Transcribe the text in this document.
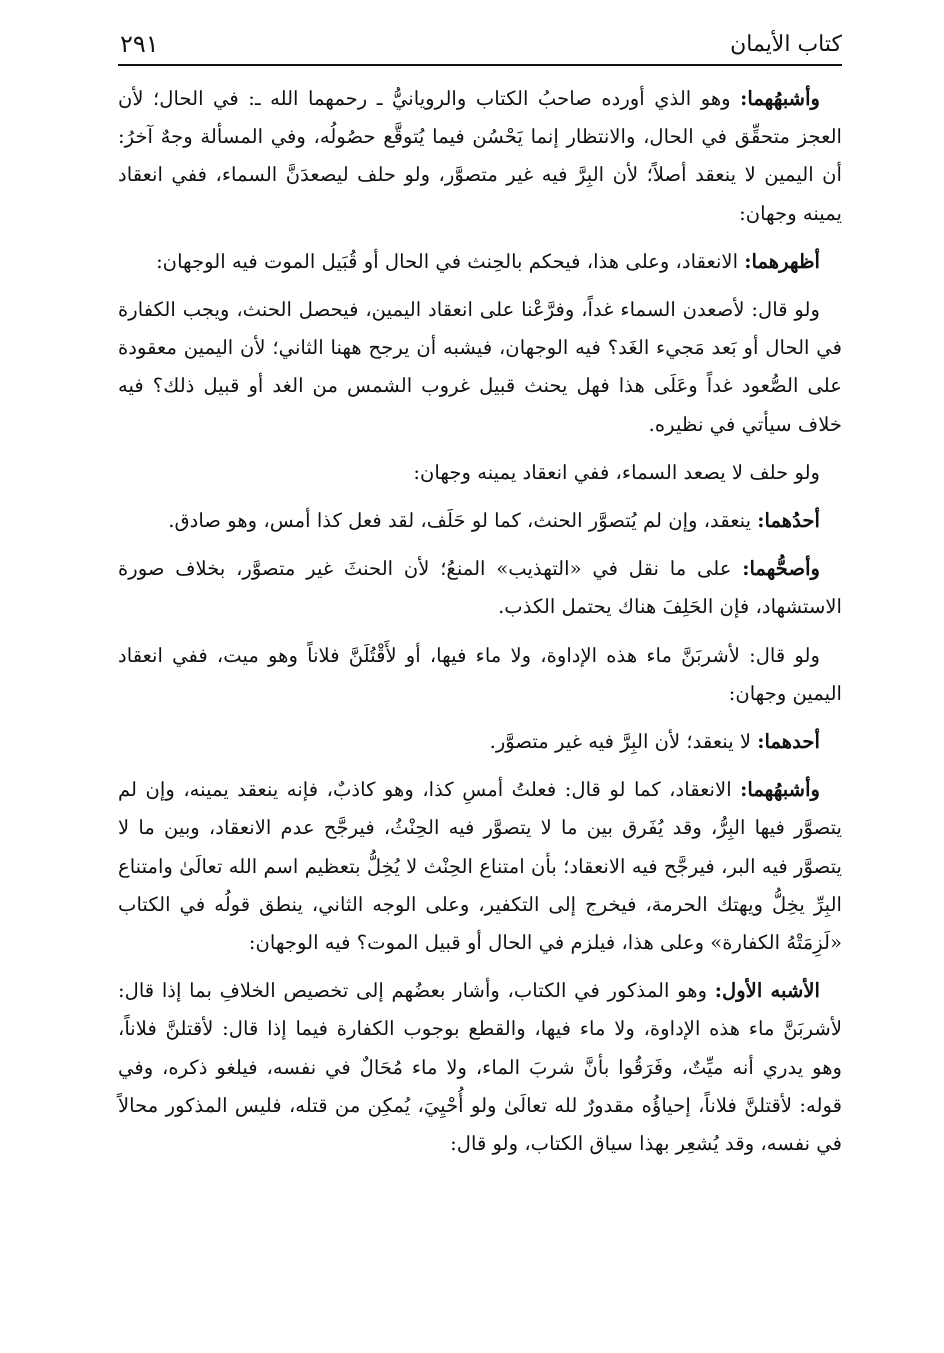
كتاب الأيمان
٢٩١

وأشبهُهما: وهو الذي أورده صاحبُ الكتاب والرويانيُّ ـ رحمهما الله ـ: في الحال؛ لأن العجز متحقِّق في الحال، والانتظار إنما يَحْسُن فيما يُتوقَّع حصُولُه، وفي المسألة وجهٌ آخرُ: أن اليمين لا ينعقد أصلاً؛ لأن البِرَّ فيه غير متصوَّر، ولو حلف ليصعدَنَّ السماء، ففي انعقاد يمينه وجهان:

أظهرهما: الانعقاد، وعلى هذا، فيحكم بالحِنث في الحال أو قُبَيل الموت فيه الوجهان:

ولو قال: لأصعدن السماء غداً، وفرَّعْنا على انعقاد اليمين، فيحصل الحنث، ويجب الكفارة في الحال أو بَعد مَجيء الغَد؟ فيه الوجهان، فيشبه أن يرجح ههنا الثاني؛ لأن اليمين معقودة على الصُّعود غداً وعَلَى هذا فهل يحنث قبيل غروب الشمس من الغد أو قبيل ذلك؟ فيه خلاف سيأتي في نظيره.

ولو حلف لا يصعد السماء، ففي انعقاد يمينه وجهان:

أحدُهما: ينعقد، وإن لم يُتصوَّر الحنث، كما لو حَلَف، لقد فعل كذا أمس، وهو صادق.

وأصحُّهما: على ما نقل في «التهذيب» المنعُ؛ لأن الحنثَ غير متصوَّر، بخلاف صورة الاستشهاد، فإن الحَلِفَ هناك يحتمل الكذب.

ولو قال: لأشربَنَّ ماء هذه الإداوة، ولا ماء فيها، أو لأَقْتُلَنَّ فلاناً وهو ميت، ففي انعقاد اليمين وجهان:

أحدهما: لا ينعقد؛ لأن البِرَّ فيه غير متصوَّر.

وأشبهُهما: الانعقاد، كما لو قال: فعلتُ أمسِ كذا، وهو كاذبٌ، فإنه ينعقد يمينه، وإن لم يتصوَّر فيها البِرُّ، وقد يُفَرق بين ما لا يتصوَّر فيه الحِنْثُ، فيرجَّح عدم الانعقاد، وبين ما لا يتصوَّر فيه البر، فيرجَّح فيه الانعقاد؛ بأن امتناع الحِنْث لا يُخِلُّ بتعظيم اسم الله تعالَىٰ وامتناع البِرِّ يخِلُّ ويهتك الحرمة، فيخرج إلى التكفير، وعلى الوجه الثاني، ينطق قولُه في الكتاب «لَزِمَتْهُ الكفارة» وعلى هذا، فيلزم في الحال أو قبيل الموت؟ فيه الوجهان:

الأشبه الأول: وهو المذكور في الكتاب، وأشار بعضُهم إلى تخصيص الخلافِ بما إذا قال: لأشربَنَّ ماء هذه الإداوة، ولا ماء فيها، والقطع بوجوب الكفارة فيما إذا قال: لأقتلنَّ فلاناً، وهو يدري أنه ميِّتٌ، وفَرَقُوا بأنَّ شربَ الماء، ولا ماء مُحَالٌ في نفسه، فيلغو ذكره، وفي قوله: لأقتلنَّ فلاناً، إحياؤُه مقدورٌ لله تعالَىٰ ولو أُحْيِيَ، يُمكِن من قتله، فليس المذكور محالاً في نفسه، وقد يُشعِر بهذا سياق الكتاب، ولو قال:
